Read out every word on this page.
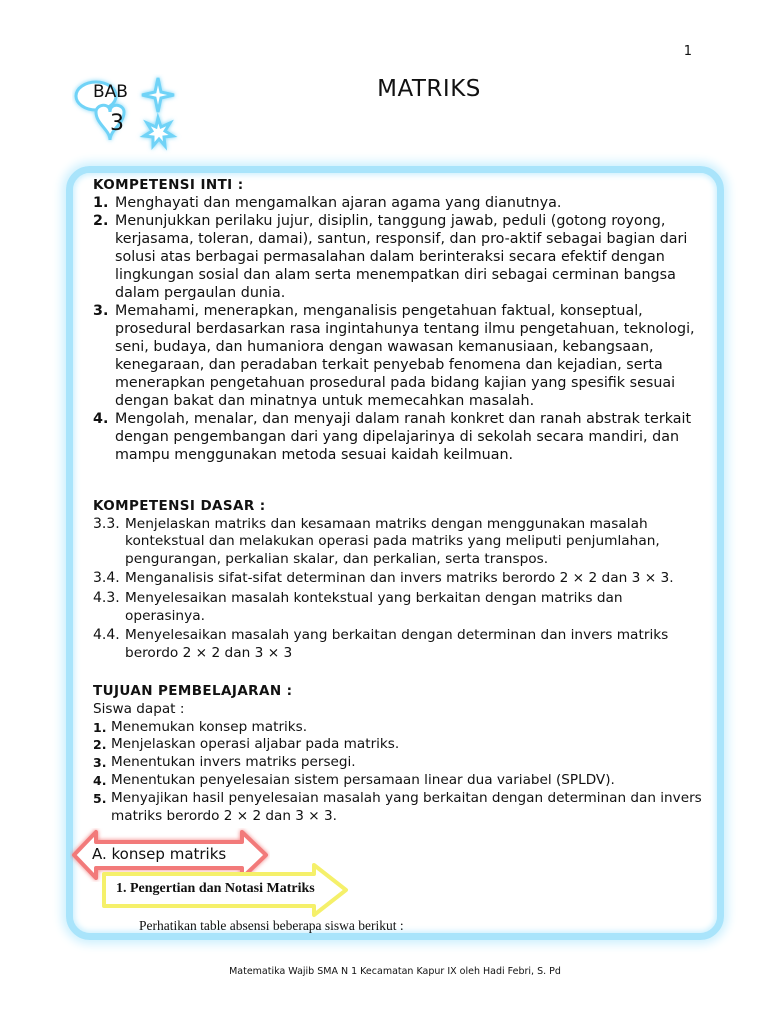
1
MATRIKS
BAB
3
KOMPETENSI INTI :
1. Menghayati dan mengamalkan ajaran agama yang dianutnya.
2. Menunjukkan perilaku jujur, disiplin, tanggung jawab, peduli (gotong royong, kerjasama, toleran, damai), santun, responsif, dan pro-aktif sebagai bagian dari solusi atas berbagai permasalahan dalam berinteraksi secara efektif dengan lingkungan sosial dan alam serta menempatkan diri sebagai cerminan bangsa dalam pergaulan dunia.
3. Memahami, menerapkan, menganalisis pengetahuan faktual, konseptual, prosedural berdasarkan rasa ingintahunya tentang ilmu pengetahuan, teknologi, seni, budaya, dan humaniora dengan wawasan kemanusiaan, kebangsaan, kenegaraan, dan peradaban terkait penyebab fenomena dan kejadian, serta menerapkan pengetahuan prosedural pada bidang kajian yang spesifik sesuai dengan bakat dan minatnya untuk memecahkan masalah.
4. Mengolah, menalar, dan menyaji dalam ranah konkret dan ranah abstrak terkait dengan pengembangan dari yang dipelajarinya di sekolah secara mandiri, dan mampu menggunakan metoda sesuai kaidah keilmuan.
KOMPETENSI DASAR :
3.3. Menjelaskan matriks dan kesamaan matriks dengan menggunakan masalah kontekstual dan melakukan operasi pada matriks yang meliputi penjumlahan, pengurangan, perkalian skalar, dan perkalian, serta transpos.
3.4. Menganalisis sifat-sifat determinan dan invers matriks berordo 2 × 2 dan 3 × 3.
4.3. Menyelesaikan masalah kontekstual yang berkaitan dengan matriks dan operasinya.
4.4. Menyelesaikan masalah yang berkaitan dengan determinan dan invers matriks berordo 2 × 2 dan 3 × 3
TUJUAN PEMBELAJARAN :
Siswa dapat :
1. Menemukan konsep matriks.
2. Menjelaskan operasi aljabar pada matriks.
3. Menentukan invers matriks persegi.
4. Menentukan penyelesaian sistem persamaan linear dua variabel (SPLDV).
5. Menyajikan hasil penyelesaian masalah yang berkaitan dengan determinan dan invers matriks berordo 2 × 2 dan 3 × 3.
A. konsep matriks
1. Pengertian dan Notasi Matriks
Perhatikan table absensi beberapa siswa berikut :
Matematika Wajib SMA N 1 Kecamatan Kapur IX oleh Hadi Febri, S. Pd
